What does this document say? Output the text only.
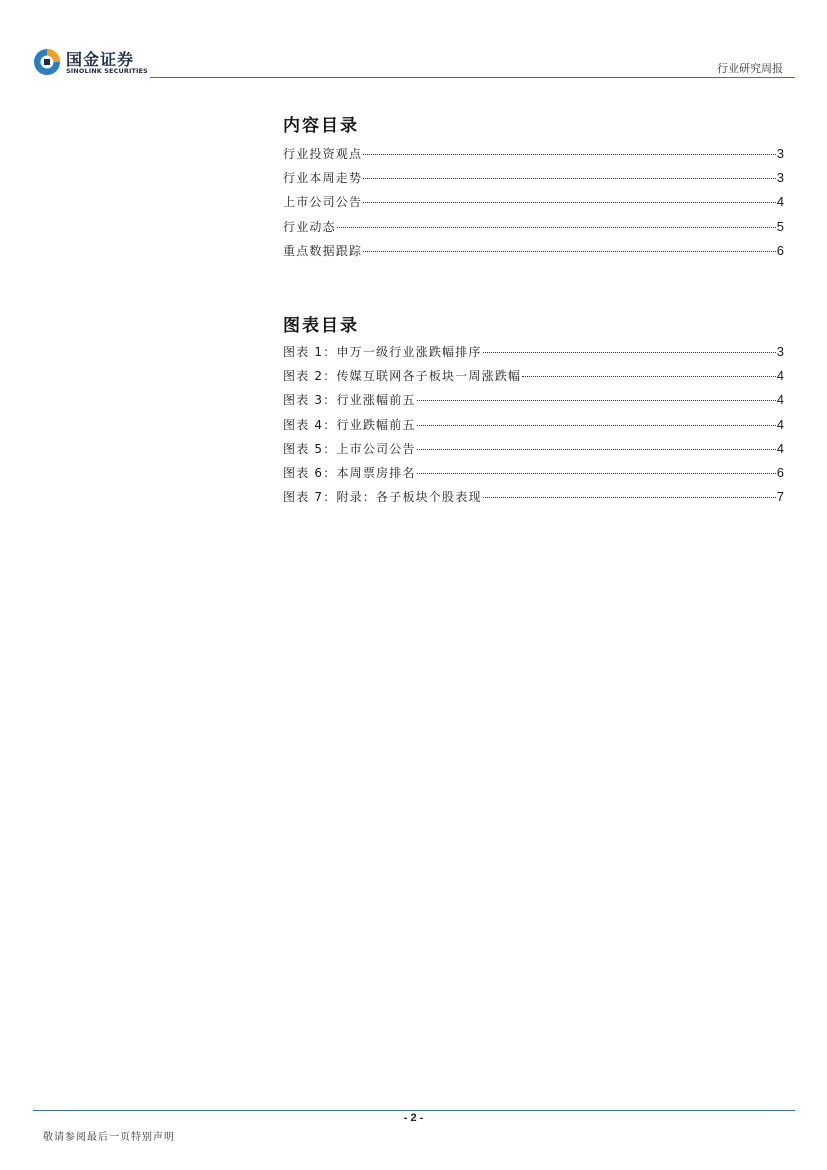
国金证券
SINOLINK SECURITIES	行业研究周报
内容目录
行业投资观点	3
行业本周走势	3
上市公司公告	4
行业动态	5
重点数据跟踪	6
图表目录
图表 1：申万一级行业涨跌幅排序	3
图表 2：传媒互联网各子板块一周涨跌幅	4
图表 3：行业涨幅前五	4
图表 4：行业跌幅前五	4
图表 5：上市公司公告	4
图表 6：本周票房排名	6
图表 7：附录：各子板块个股表现	7
- 2 -
敬请参阅最后一页特别声明
